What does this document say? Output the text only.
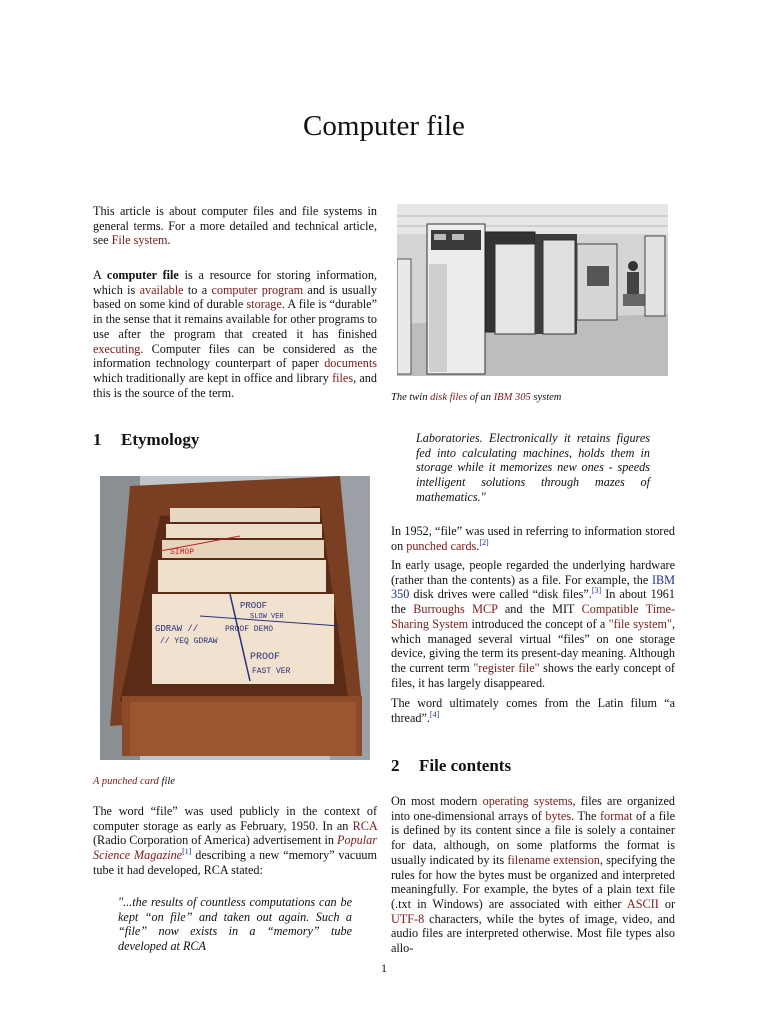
Computer file
This article is about computer files and file systems in general terms. For a more detailed and technical article, see File system.
A computer file is a resource for storing information, which is available to a computer program and is usually based on some kind of durable storage. A file is “durable” in the sense that it remains available for other programs to use after the program that created it has finished executing. Computer files can be considered as the information technology counterpart of paper documents which traditionally are kept in office and library files, and this is the source of the term.	The twin disk files of an IBM 305 system
1 Etymology
SIMOP
PROOF
SLOW VER
GDRAW //	PROOF DEMO
// YEQ GDRAW
PROOF
FAST VER
A punched card file
The word “file” was used publicly in the context of computer storage as early as February, 1950. In an RCA (Radio Corporation of America) advertisement in Popular Science Magazine[1] describing a new “memory” vacuum tube it had developed, RCA stated:
"...the results of countless computations can be kept “on file” and taken out again. Such a “file” now exists in a “memory” tube developed at RCA
Laboratories. Electronically it retains figures fed into calculating machines, holds them in storage while it memorizes new ones - speeds intelligent solutions through mazes of mathematics."
In 1952, “file” was used in referring to information stored on punched cards.[2]
In early usage, people regarded the underlying hardware (rather than the contents) as a file. For example, the IBM 350 disk drives were called “disk files”.[3] In about 1961 the Burroughs MCP and the MIT Compatible Time-Sharing System introduced the concept of a "file system", which managed several virtual “files” on one storage device, giving the term its present-day meaning. Although the current term "register file" shows the early concept of files, it has largely disappeared.
The word ultimately comes from the Latin filum “a thread”.[4]
2 File contents
On most modern operating systems, files are organized into one-dimensional arrays of bytes. The format of a file is defined by its content since a file is solely a container for data, although, on some platforms the format is usually indicated by its filename extension, specifying the rules for how the bytes must be organized and interpreted meaningfully. For example, the bytes of a plain text file (.txt in Windows) are associated with either ASCII or UTF-8 characters, while the bytes of image, video, and audio files are interpreted otherwise. Most file types also allo-
1
